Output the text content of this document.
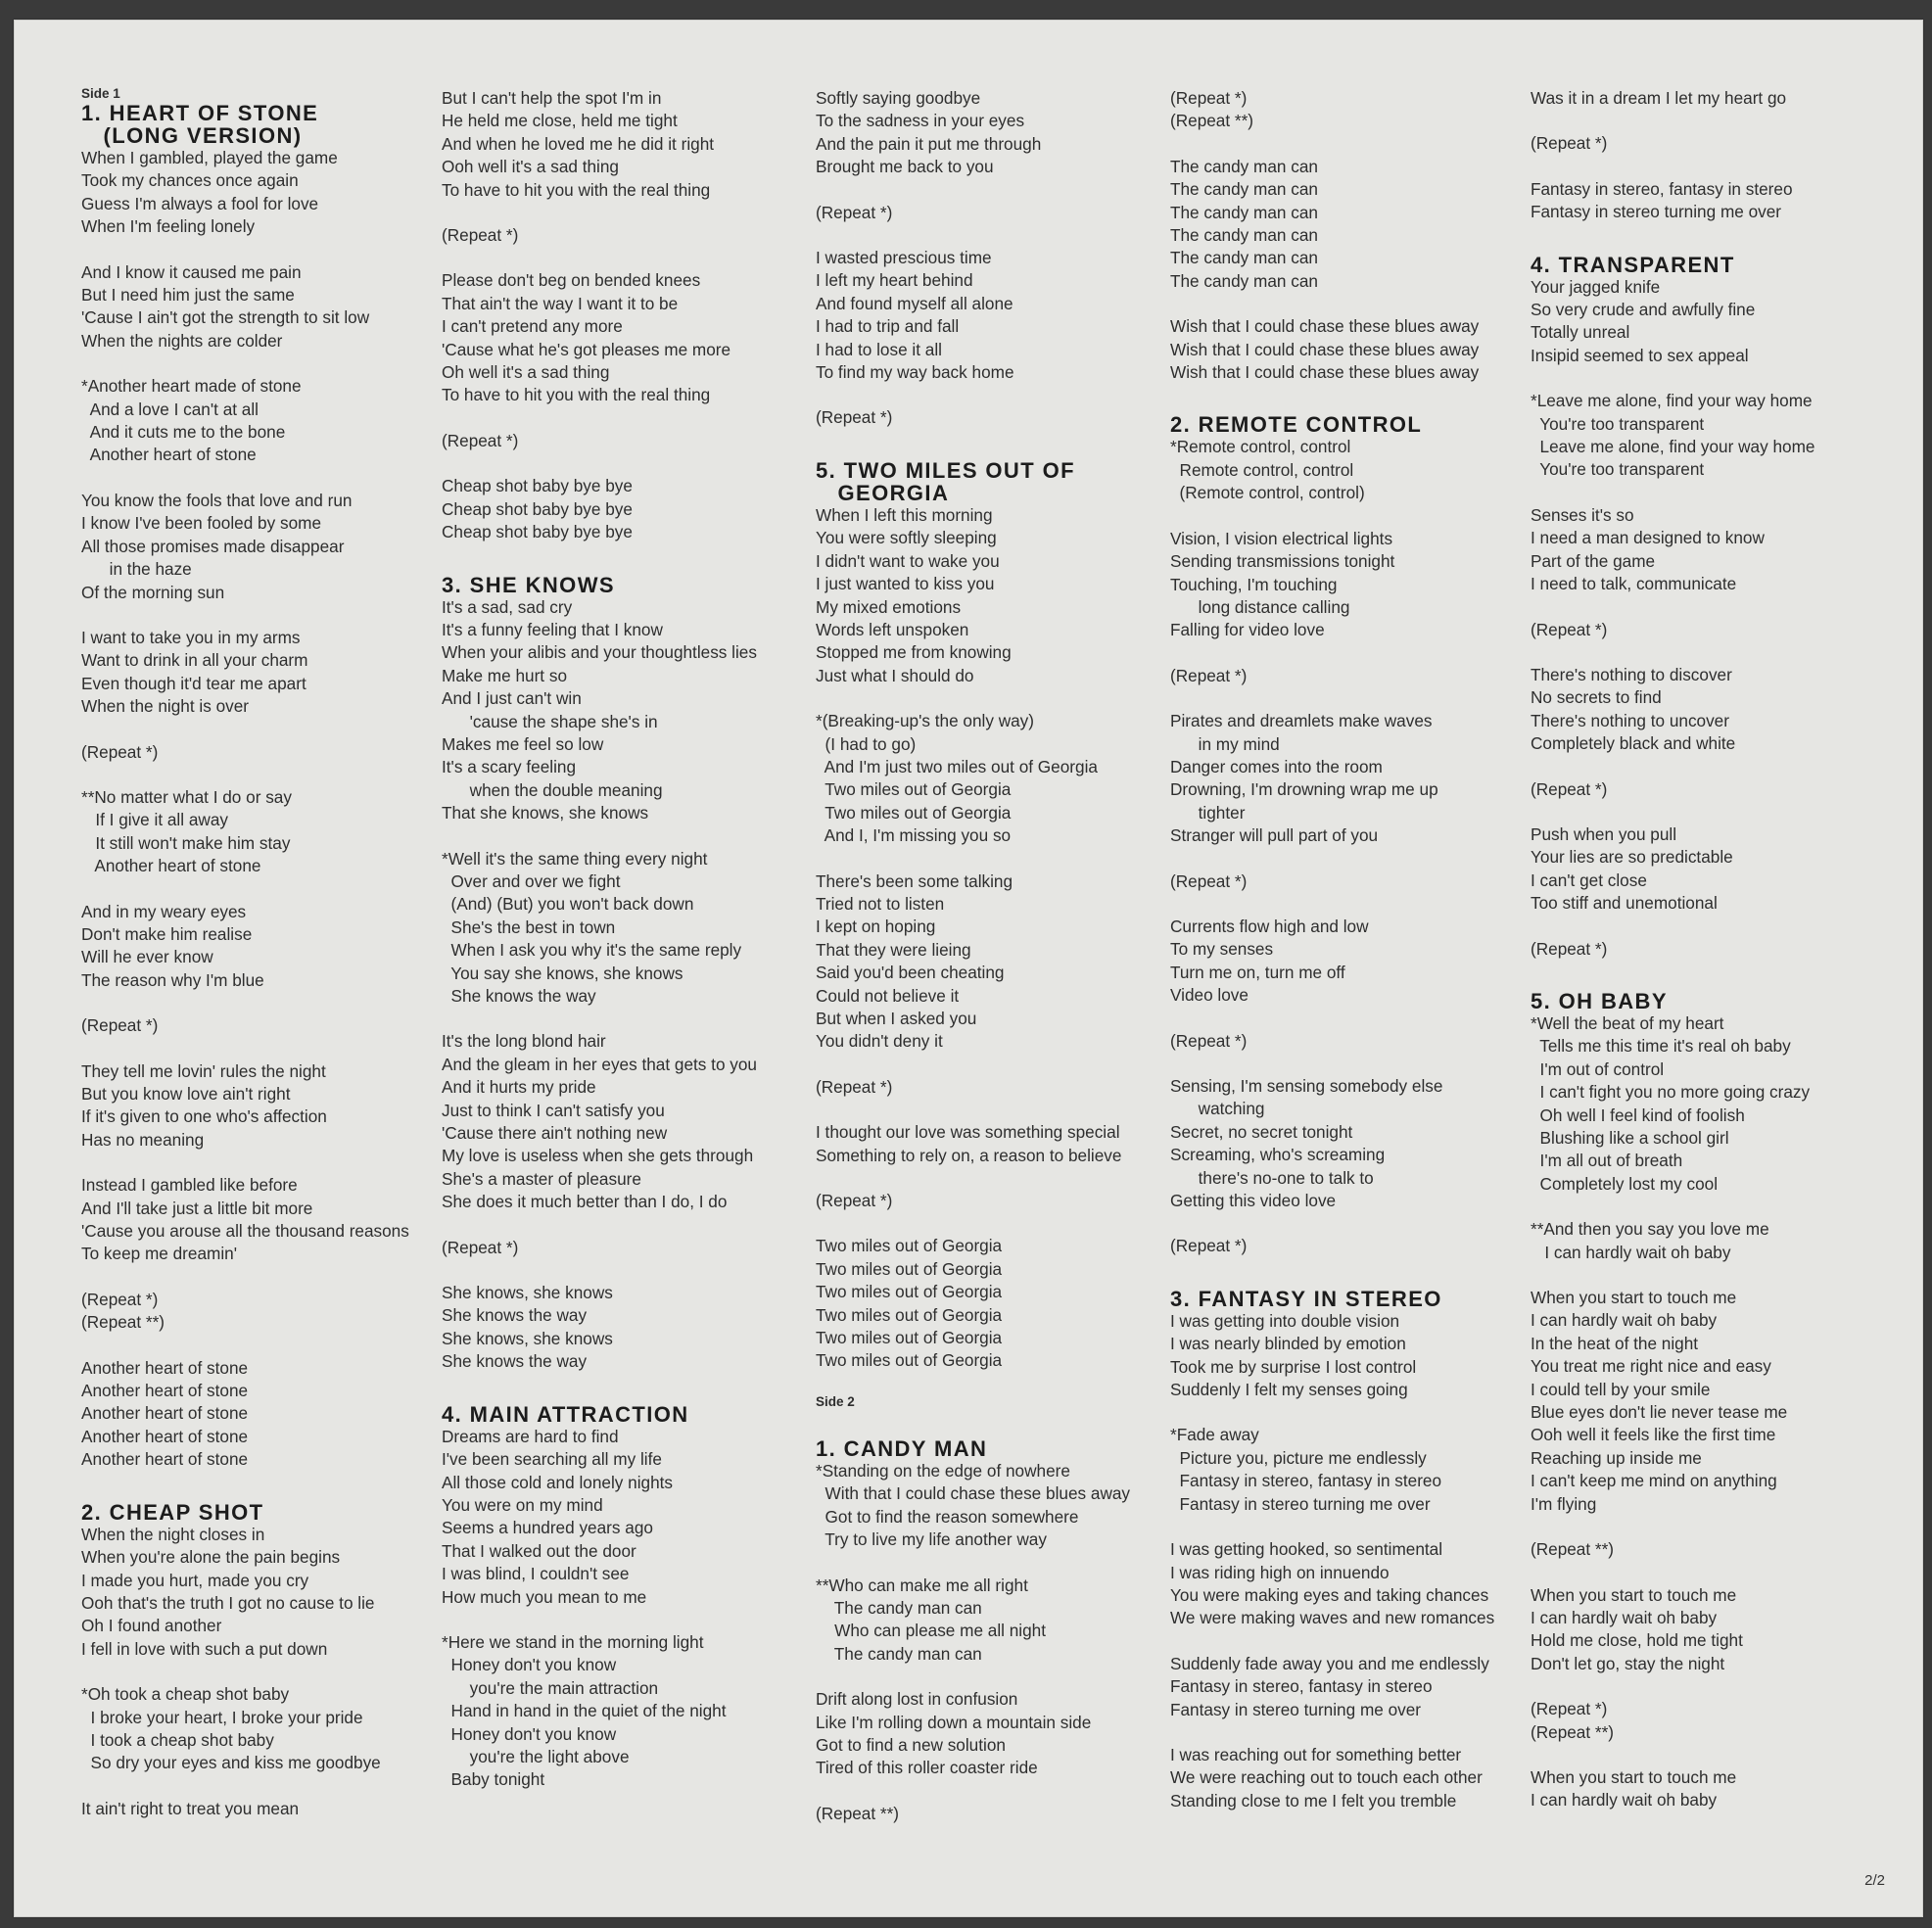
Side 1
1. HEART OF STONE
(LONG VERSION)
When I gambled, played the game
Took my chances once again
Guess I'm always a fool for love
When I'm feeling lonely
And I know it caused me pain
But I need him just the same
'Cause I ain't got the strength to sit low
When the nights are colder
*Another heart made of stone
And a love I can't at all
And it cuts me to the bone
Another heart of stone
You know the fools that love and run
I know I've been fooled by some
All those promises made disappear
in the haze
Of the morning sun
I want to take you in my arms
Want to drink in all your charm
Even though it'd tear me apart
When the night is over
(Repeat *)
**No matter what I do or say
If I give it all away
It still won't make him stay
Another heart of stone
And in my weary eyes
Don't make him realise
Will he ever know
The reason why I'm blue
(Repeat *)
They tell me lovin' rules the night
But you know love ain't right
If it's given to one who's affection
Has no meaning
Instead I gambled like before
And I'll take just a little bit more
'Cause you arouse all the thousand reasons
To keep me dreamin'
(Repeat *)
(Repeat **)
Another heart of stone
Another heart of stone
Another heart of stone
Another heart of stone
Another heart of stone
2. CHEAP SHOT
When the night closes in
When you're alone the pain begins
I made you hurt, made you cry
Ooh that's the truth I got no cause to lie
Oh I found another
I fell in love with such a put down
*Oh took a cheap shot baby
I broke your heart, I broke your pride
I took a cheap shot baby
So dry your eyes and kiss me goodbye
It ain't right to treat you mean
But I can't help the spot I'm in
He held me close, held me tight
And when he loved me he did it right
Ooh well it's a sad thing
To have to hit you with the real thing
(Repeat *)
Please don't beg on bended knees
That ain't the way I want it to be
I can't pretend any more
'Cause what he's got pleases me more
Oh well it's a sad thing
To have to hit you with the real thing
(Repeat *)
Cheap shot baby bye bye
Cheap shot baby bye bye
Cheap shot baby bye bye
3. SHE KNOWS
It's a sad, sad cry
It's a funny feeling that I know
When your alibis and your thoughtless lies
Make me hurt so
And I just can't win
'cause the shape she's in
Makes me feel so low
It's a scary feeling
when the double meaning
That she knows, she knows
*Well it's the same thing every night
Over and over we fight
(And) (But) you won't back down
She's the best in town
When I ask you why it's the same reply
You say she knows, she knows
She knows the way
It's the long blond hair
And the gleam in her eyes that gets to you
And it hurts my pride
Just to think I can't satisfy you
'Cause there ain't nothing new
My love is useless when she gets through
She's a master of pleasure
She does it much better than I do, I do
(Repeat *)
She knows, she knows
She knows the way
She knows, she knows
She knows the way
4. MAIN ATTRACTION
Dreams are hard to find
I've been searching all my life
All those cold and lonely nights
You were on my mind
Seems a hundred years ago
That I walked out the door
I was blind, I couldn't see
How much you mean to me
*Here we stand in the morning light
Honey don't you know
you're the main attraction
Hand in hand in the quiet of the night
Honey don't you know
you're the light above
Baby tonight
Softly saying goodbye
To the sadness in your eyes
And the pain it put me through
Brought me back to you
(Repeat *)
I wasted prescious time
I left my heart behind
And found myself all alone
I had to trip and fall
I had to lose it all
To find my way back home
(Repeat *)
5. TWO MILES OUT OF
GEORGIA
When I left this morning
You were softly sleeping
I didn't want to wake you
I just wanted to kiss you
My mixed emotions
Words left unspoken
Stopped me from knowing
Just what I should do
*(Breaking-up's the only way)
(I had to go)
And I'm just two miles out of Georgia
Two miles out of Georgia
Two miles out of Georgia
And I, I'm missing you so
There's been some talking
Tried not to listen
I kept on hoping
That they were lieing
Said you'd been cheating
Could not believe it
But when I asked you
You didn't deny it
(Repeat *)
I thought our love was something special
Something to rely on, a reason to believe
(Repeat *)
Two miles out of Georgia
Two miles out of Georgia
Two miles out of Georgia
Two miles out of Georgia
Two miles out of Georgia
Two miles out of Georgia
Side 2
1. CANDY MAN
*Standing on the edge of nowhere
With that I could chase these blues away
Got to find the reason somewhere
Try to live my life another way
**Who can make me all right
The candy man can
Who can please me all night
The candy man can
Drift along lost in confusion
Like I'm rolling down a mountain side
Got to find a new solution
Tired of this roller coaster ride
(Repeat **)
(Repeat *)
(Repeat **)
The candy man can
The candy man can
The candy man can
The candy man can
The candy man can
The candy man can
Wish that I could chase these blues away
Wish that I could chase these blues away
Wish that I could chase these blues away
2. REMOTE CONTROL
*Remote control, control
Remote control, control
(Remote control, control)
Vision, I vision electrical lights
Sending transmissions tonight
Touching, I'm touching
long distance calling
Falling for video love
(Repeat *)
Pirates and dreamlets make waves
in my mind
Danger comes into the room
Drowning, I'm drowning wrap me up
tighter
Stranger will pull part of you
(Repeat *)
Currents flow high and low
To my senses
Turn me on, turn me off
Video love
(Repeat *)
Sensing, I'm sensing somebody else
watching
Secret, no secret tonight
Screaming, who's screaming
there's no-one to talk to
Getting this video love
(Repeat *)
3. FANTASY IN STEREO
I was getting into double vision
I was nearly blinded by emotion
Took me by surprise I lost control
Suddenly I felt my senses going
*Fade away
Picture you, picture me endlessly
Fantasy in stereo, fantasy in stereo
Fantasy in stereo turning me over
I was getting hooked, so sentimental
I was riding high on innuendo
You were making eyes and taking chances
We were making waves and new romances
Suddenly fade away you and me endlessly
Fantasy in stereo, fantasy in stereo
Fantasy in stereo turning me over
I was reaching out for something better
We were reaching out to touch each other
Standing close to me I felt you tremble
Was it in a dream I let my heart go
(Repeat *)
Fantasy in stereo, fantasy in stereo
Fantasy in stereo turning me over
4. TRANSPARENT
Your jagged knife
So very crude and awfully fine
Totally unreal
Insipid seemed to sex appeal
*Leave me alone, find your way home
You're too transparent
Leave me alone, find your way home
You're too transparent
Senses it's so
I need a man designed to know
Part of the game
I need to talk, communicate
(Repeat *)
There's nothing to discover
No secrets to find
There's nothing to uncover
Completely black and white
(Repeat *)
Push when you pull
Your lies are so predictable
I can't get close
Too stiff and unemotional
(Repeat *)
5. OH BABY
*Well the beat of my heart
Tells me this time it's real oh baby
I'm out of control
I can't fight you no more going crazy
Oh well I feel kind of foolish
Blushing like a school girl
I'm all out of breath
Completely lost my cool
**And then you say you love me
I can hardly wait oh baby
When you start to touch me
I can hardly wait oh baby
In the heat of the night
You treat me right nice and easy
I could tell by your smile
Blue eyes don't lie never tease me
Ooh well it feels like the first time
Reaching up inside me
I can't keep me mind on anything
I'm flying
(Repeat **)
When you start to touch me
I can hardly wait oh baby
Hold me close, hold me tight
Don't let go, stay the night
(Repeat *)
(Repeat **)
When you start to touch me
I can hardly wait oh baby
2/2
